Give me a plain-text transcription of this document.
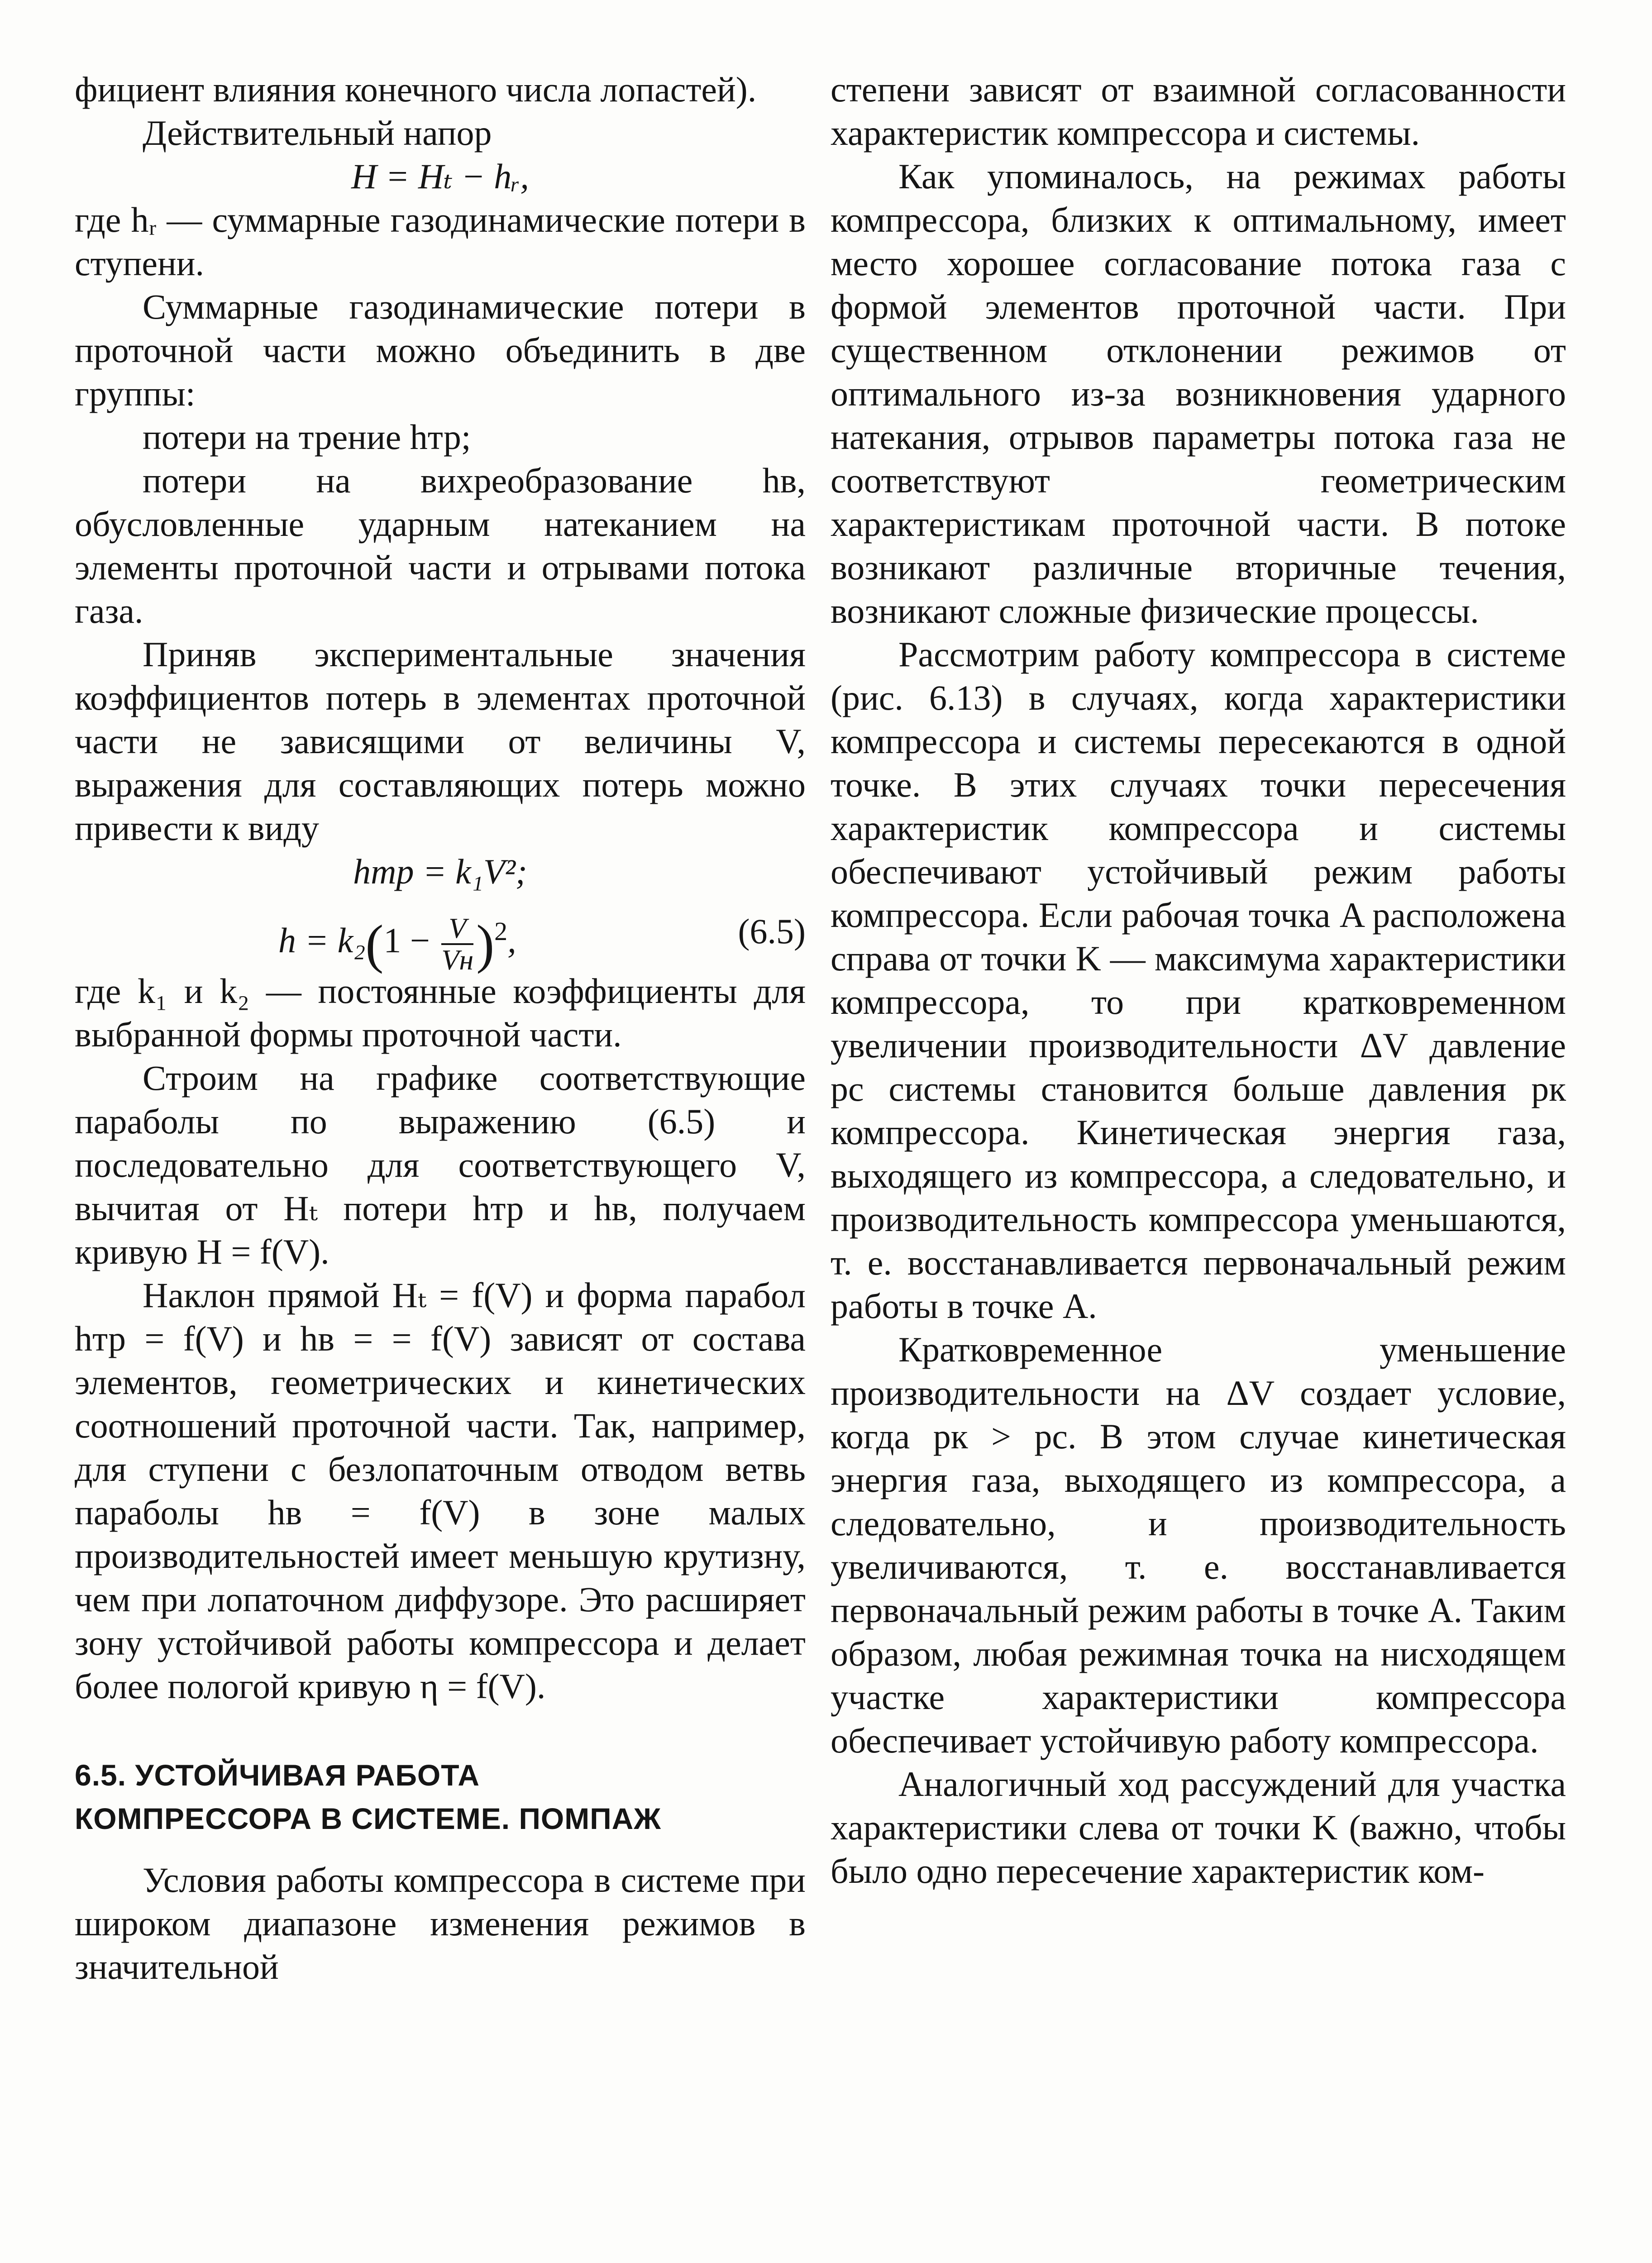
фициент влияния конечного числа лопастей).

Действительный напор

H = Hₜ − hᵣ,

где hᵣ — суммарные газодинамические потери в ступени.

Суммарные газодинамические потери в проточной части можно объединить в две группы:

потери на трение hтр;

потери на вихреобразование hв, обусловленные ударным натеканием на элементы проточной части и отрывами потока газа.

Приняв экспериментальные значения коэффициентов потерь в элементах проточной части не зависящими от величины V, выражения для составляющих потерь можно привести к виду

hтр = k₁V²;
$h = k_2(1 - \frac{V}{Vн} )^2$,	(6.5)

где k₁ и k₂ — постоянные коэффициенты для выбранной формы проточной части.

Строим на графике соответствующие параболы по выражению (6.5) и последовательно для соответствующего V, вычитая от Hₜ потери hтр и hв, получаем кривую H = f(V).

Наклон прямой Hₜ = f(V) и форма парабол hтр = f(V) и hв = = f(V) зависят от состава элементов, геометрических и кинетических соотношений проточной части. Так, например, для ступени с безлопаточным отводом ветвь параболы hв = f(V) в зоне малых производительностей имеет меньшую крутизну, чем при лопаточном диффузоре. Это расширяет зону устойчивой работы компрессора и делает более пологой кривую η = f(V).

6.5. УСТОЙЧИВАЯ РАБОТА
КОМПРЕССОРА В СИСТЕМЕ. ПОМПАЖ

Условия работы компрессора в системе при широком диапазоне изменения режимов в значительной

степени зависят от взаимной согласованности характеристик компрессора и системы.

Как упоминалось, на режимах работы компрессора, близких к оптимальному, имеет место хорошее согласование потока газа с формой элементов проточной части. При существенном отклонении режимов от оптимального из-за возникновения ударного натекания, отрывов параметры потока газа не соответствуют геометрическим характеристикам проточной части. В потоке возникают различные вторичные течения, возникают сложные физические процессы.

Рассмотрим работу компрессора в системе (рис. 6.13) в случаях, когда характеристики компрессора и системы пересекаются в одной точке. В этих случаях точки пересечения характеристик компрессора и системы обеспечивают устойчивый режим работы компрессора. Если рабочая точка A расположена справа от точки K — максимума характеристики компрессора, то при кратковременном увеличении производительности ΔV давление pс системы становится больше давления pк компрессора. Кинетическая энергия газа, выходящего из компрессора, а следовательно, и производительность компрессора уменьшаются, т. е. восстанавливается первоначальный режим работы в точке A.

Кратковременное уменьшение производительности на ΔV создает условие, когда pк > pс. В этом случае кинетическая энергия газа, выходящего из компрессора, а следовательно, и производительность увеличиваются, т. е. восстанавливается первоначальный режим работы в точке A. Таким образом, любая режимная точка на нисходящем участке характеристики компрессора обеспечивает устойчивую работу компрессора.

Аналогичный ход рассуждений для участка характеристики слева от точки K (важно, чтобы было одно пересечение характеристик ком-
